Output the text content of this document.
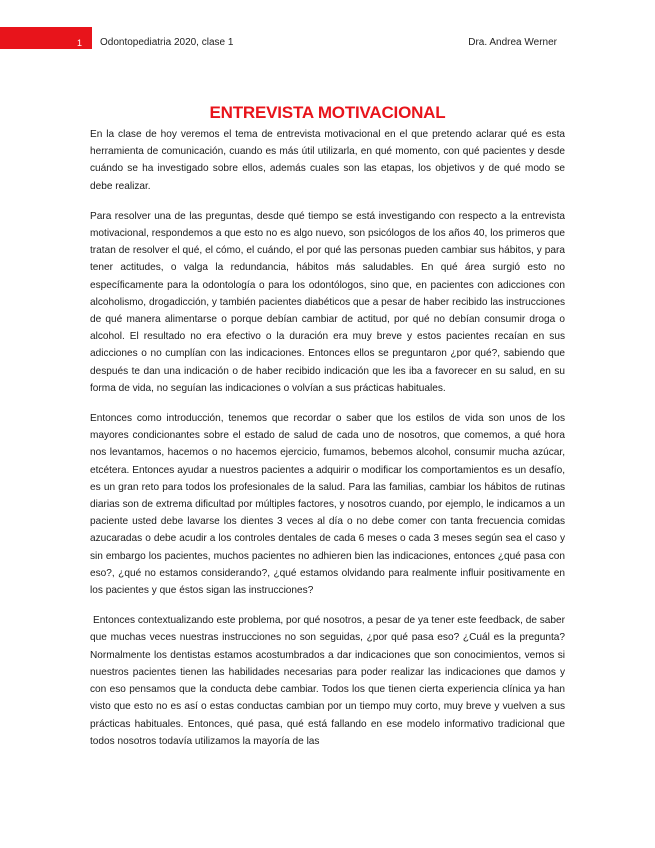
1 Odontopediatria 2020, clase 1	Dra. Andrea Werner
ENTREVISTA MOTIVACIONAL

En la clase de hoy veremos el tema de entrevista motivacional en el que pretendo aclarar qué es esta herramienta de comunicación, cuando es más útil utilizarla, en qué momento, con qué pacientes y desde cuándo se ha investigado sobre ellos, además cuales son las etapas, los objetivos y de qué modo se debe realizar.

Para resolver una de las preguntas, desde qué tiempo se está investigando con respecto a la entrevista motivacional, respondemos a que esto no es algo nuevo, son psicólogos de los años 40, los primeros que tratan de resolver el qué, el cómo, el cuándo, el por qué las personas pueden cambiar sus hábitos, y para tener actitudes, o valga la redundancia, hábitos más saludables. En qué área surgió esto no específicamente para la odontología o para los odontólogos, sino que, en pacientes con adicciones con alcoholismo, drogadicción, y también pacientes diabéticos que a pesar de haber recibido las instrucciones de qué manera alimentarse o porque debían cambiar de actitud, por qué no debían consumir droga o alcohol. El resultado no era efectivo o la duración era muy breve y estos pacientes recaían en sus adicciones o no cumplían con las indicaciones. Entonces ellos se preguntaron ¿por qué?, sabiendo que después te dan una indicación o de haber recibido indicación que les iba a favorecer en su salud, en su forma de vida, no seguían las indicaciones o volvían a sus prácticas habituales.

Entonces como introducción, tenemos que recordar o saber que los estilos de vida son unos de los mayores condicionantes sobre el estado de salud de cada uno de nosotros, que comemos, a qué hora nos levantamos, hacemos o no hacemos ejercicio, fumamos, bebemos alcohol, consumir mucha azúcar, etcétera. Entonces ayudar a nuestros pacientes a adquirir o modificar los comportamientos es un desafío, es un gran reto para todos los profesionales de la salud. Para las familias, cambiar los hábitos de rutinas diarias son de extrema dificultad por múltiples factores, y nosotros cuando, por ejemplo, le indicamos a un paciente usted debe lavarse los dientes 3 veces al día o no debe comer con tanta frecuencia comidas azucaradas o debe acudir a los controles dentales de cada 6 meses o cada 3 meses según sea el caso y sin embargo los pacientes, muchos pacientes no adhieren bien las indicaciones, entonces ¿qué pasa con eso?, ¿qué no estamos considerando?, ¿qué estamos olvidando para realmente influir positivamente en los pacientes y que éstos sigan las instrucciones?

Entonces contextualizando este problema, por qué nosotros, a pesar de ya tener este feedback, de saber que muchas veces nuestras instrucciones no son seguidas, ¿por qué pasa eso? ¿Cuál es la pregunta? Normalmente los dentistas estamos acostumbrados a dar indicaciones que son conocimientos, vemos si nuestros pacientes tienen las habilidades necesarias para poder realizar las indicaciones que damos y con eso pensamos que la conducta debe cambiar. Todos los que tienen cierta experiencia clínica ya han visto que esto no es así o estas conductas cambian por un tiempo muy corto, muy breve y vuelven a sus prácticas habituales. Entonces, qué pasa, qué está fallando en ese modelo informativo tradicional que todos nosotros todavía utilizamos la mayoría de las
